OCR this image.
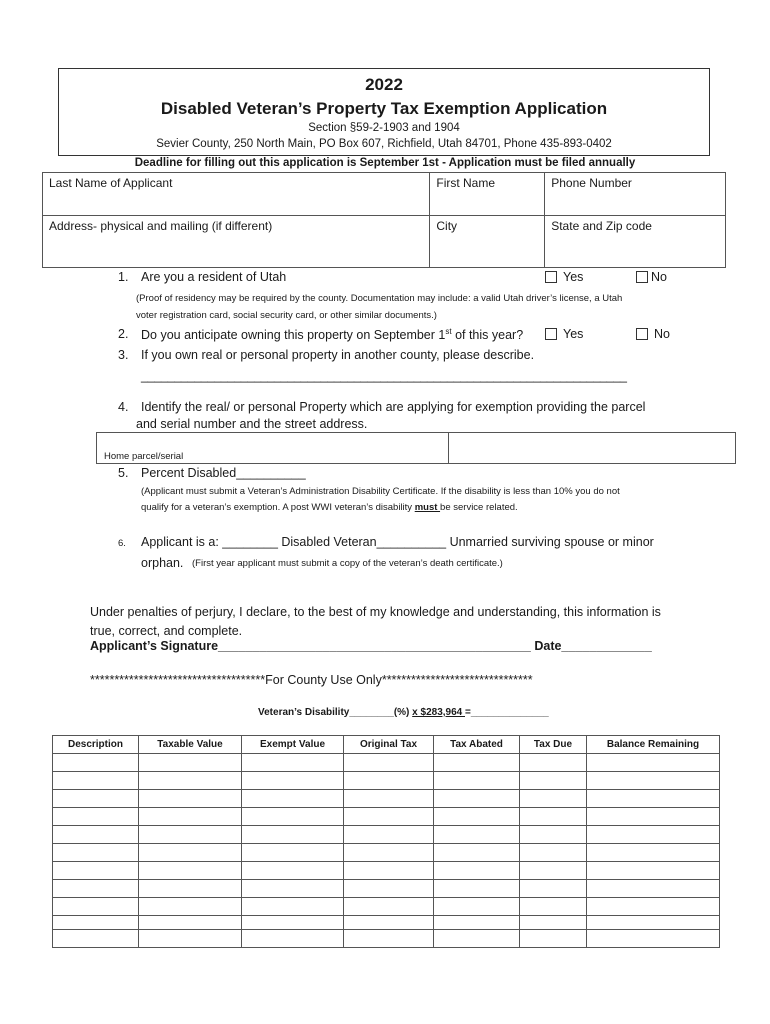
2022
Disabled Veteran’s Property Tax Exemption Application
Section §59-2-1903 and 1904
Sevier County, 250 North Main, PO Box 607, Richfield, Utah 84701, Phone 435-893-0402
Deadline for filling out this application is September 1st - Application must be filed annually
Last Name of Applicant	First Name	Phone Number
Address- physical and mailing (if different)	City	State and Zip code
1. Are you a resident of Utah	Yes	No
(Proof of residency may be required by the county. Documentation may include: a valid Utah driver’s license, a Utah
voter registration card, social security card, or other similar documents.)
2. Do you anticipate owning this property on September 1st of this year?	Yes	No
3. If you own real or personal property in another county, please describe.
_________________________________________________________________________
4. Identify the real/ or personal Property which are applying for exemption providing the parcel
and serial number and the street address.
Home parcel/serial
5. Percent Disabled__________
(Applicant must submit a Veteran’s Administration Disability Certificate. If the disability is less than 10% you do not
qualify for a veteran’s exemption. A post WWI veteran’s disability must be service related.
6. Applicant is a: ________ Disabled Veteran__________ Unmarried surviving spouse or minor
orphan. (First year applicant must submit a copy of the veteran’s death certificate.)
Under penalties of perjury, I declare, to the best of my knowledge and understanding, this information is
true, correct, and complete.
Applicant’s Signature_____________________________________________ Date_____________
************************************For County Use Only*******************************
Veteran’s Disability________(%) x $283,964 =______________
Description	Taxable Value	Exempt Value	Original Tax	Tax Abated	Tax Due	Balance Remaining
